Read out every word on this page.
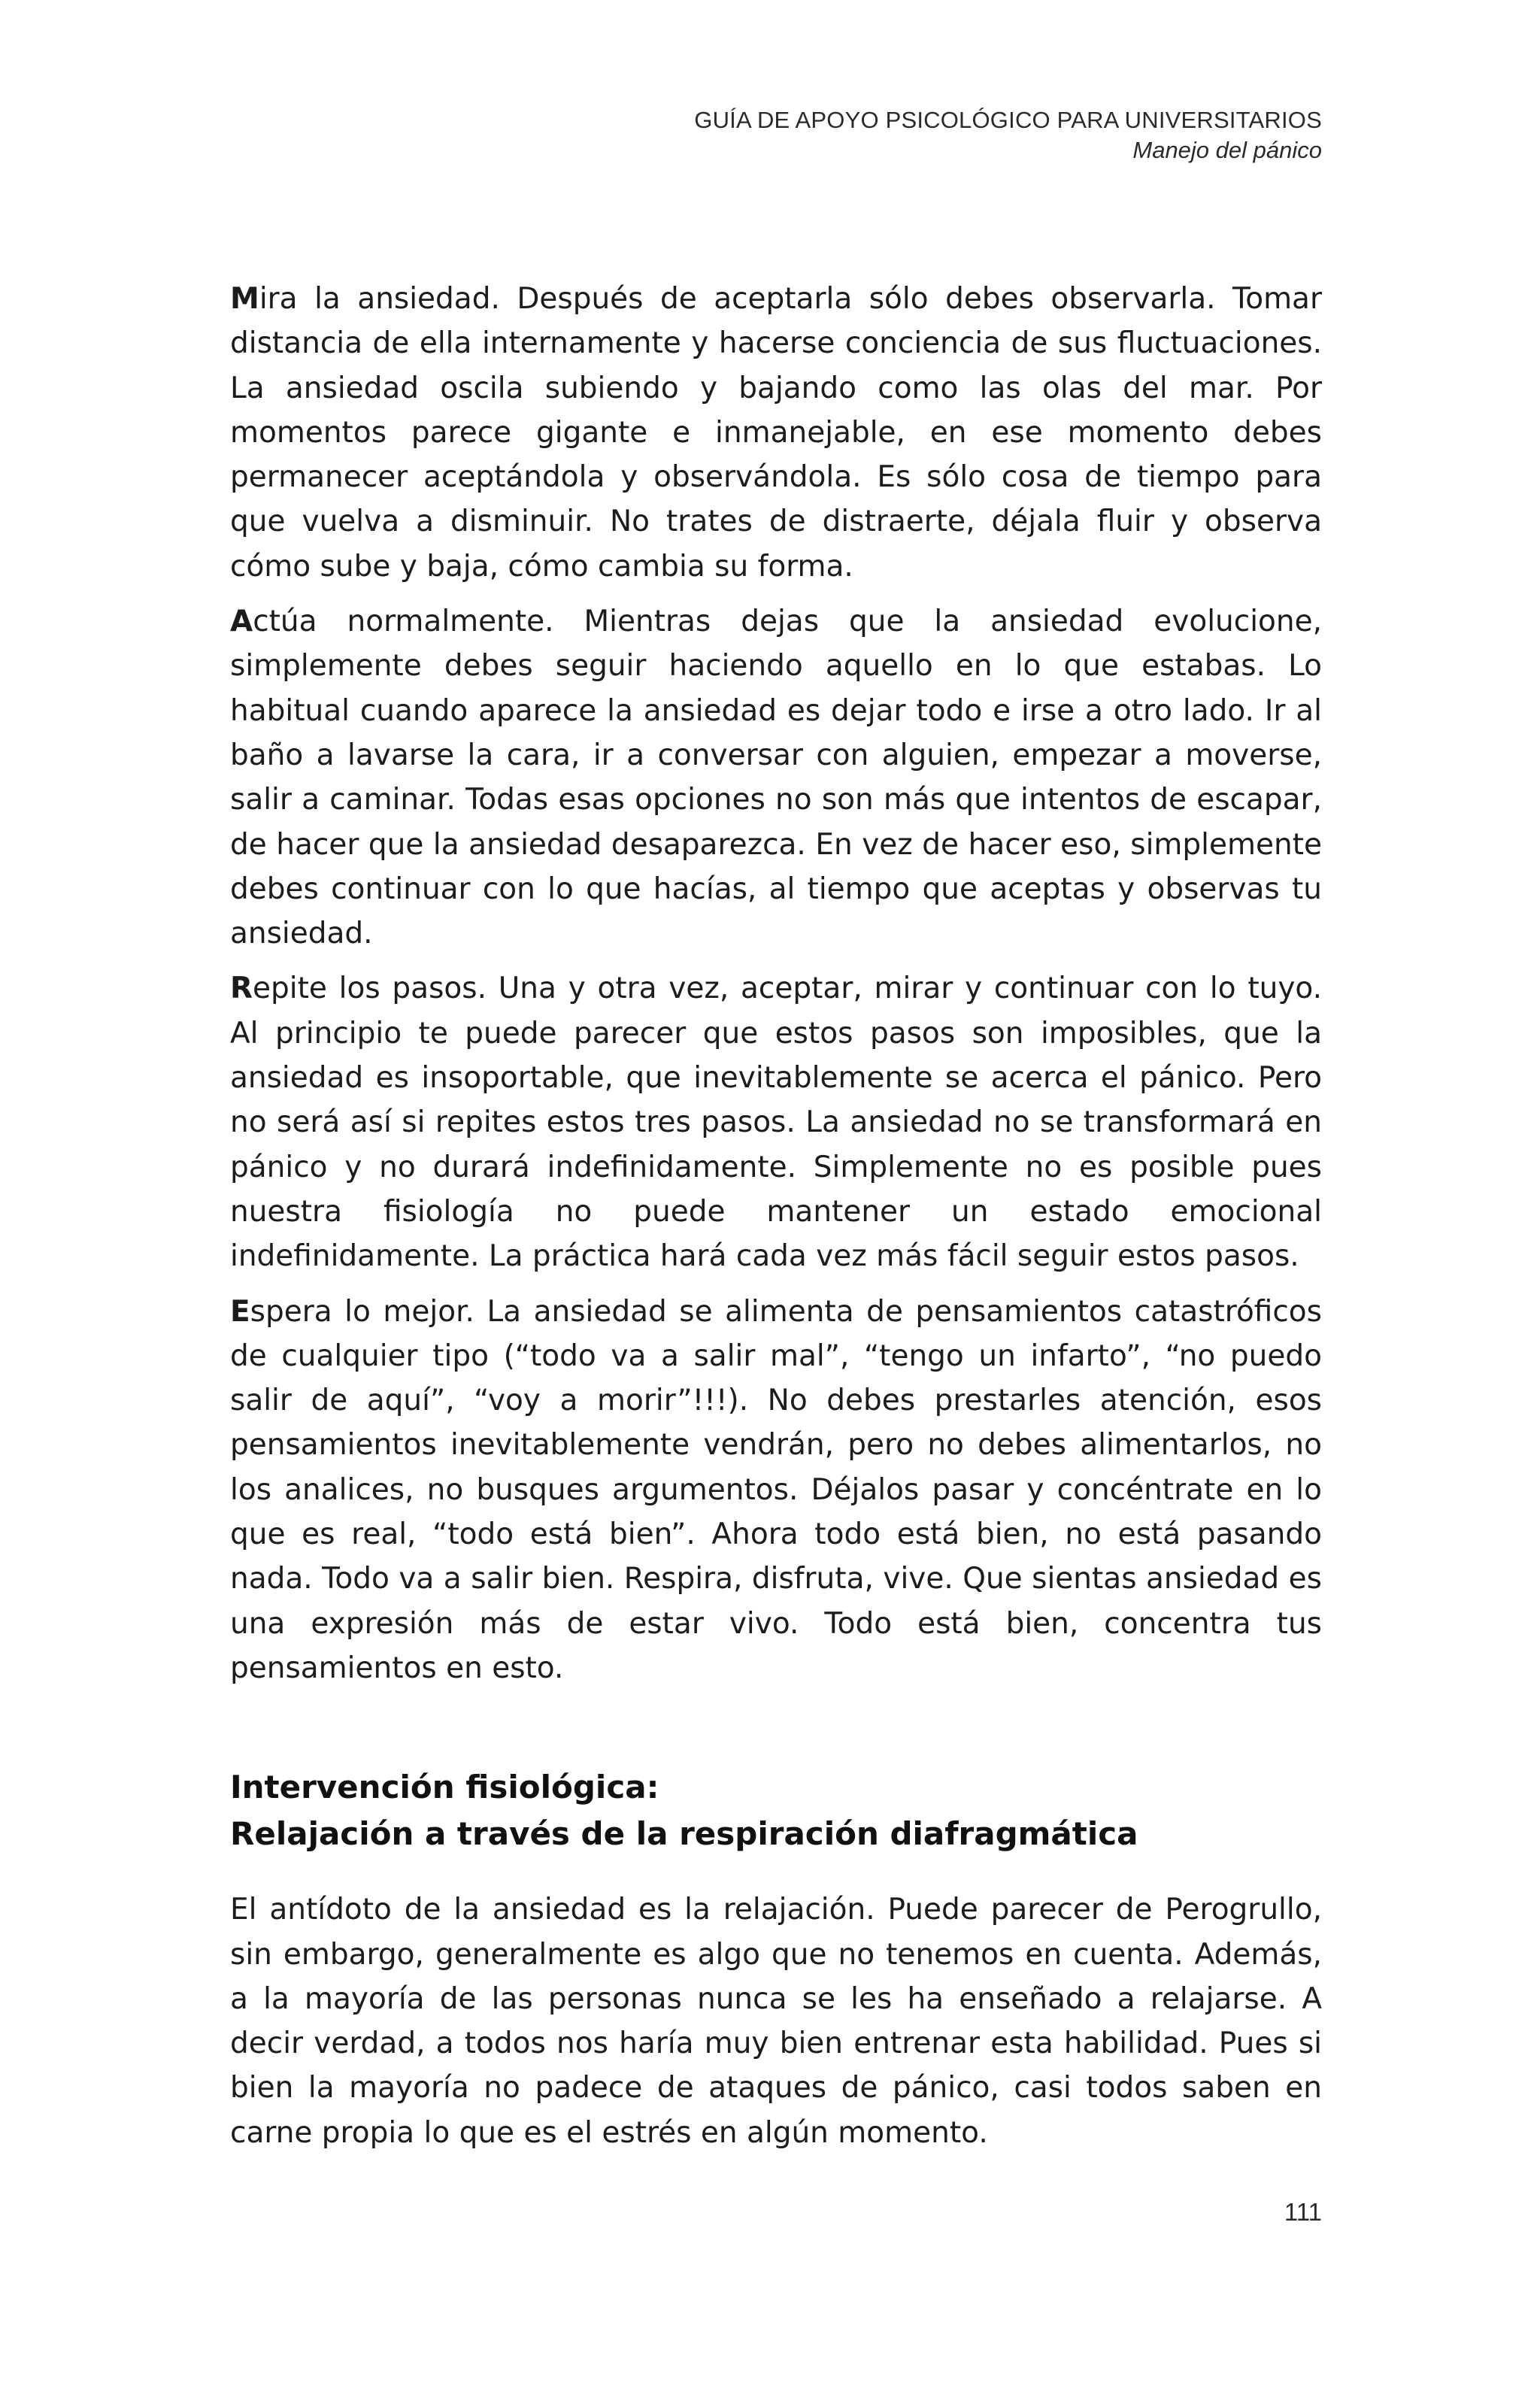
GUÍA DE APOYO PSICOLÓGICO PARA UNIVERSITARIOS
Manejo del pánico

Mira la ansiedad. Después de aceptarla sólo debes observarla. Tomar distancia de ella internamente y hacerse conciencia de sus fluctuaciones. La ansiedad oscila subiendo y bajando como las olas del mar. Por momentos parece gigante e inmanejable, en ese momento debes permanecer aceptándola y observándola. Es sólo cosa de tiempo para que vuelva a disminuir. No trates de distraerte, déjala fluir y observa cómo sube y baja, cómo cambia su forma.

Actúa normalmente. Mientras dejas que la ansiedad evolucione, simplemente debes seguir haciendo aquello en lo que estabas. Lo habitual cuando aparece la ansiedad es dejar todo e irse a otro lado. Ir al baño a lavarse la cara, ir a conversar con alguien, empezar a moverse, salir a caminar. Todas esas opciones no son más que intentos de escapar, de hacer que la ansiedad desaparezca. En vez de hacer eso, simplemente debes continuar con lo que hacías, al tiempo que aceptas y observas tu ansiedad.

Repite los pasos. Una y otra vez, aceptar, mirar y continuar con lo tuyo. Al principio te puede parecer que estos pasos son imposibles, que la ansiedad es insoportable, que inevitablemente se acerca el pánico. Pero no será así si repites estos tres pasos. La ansiedad no se transformará en pánico y no durará indefinidamente. Simplemente no es posible pues nuestra fisiología no puede mantener un estado emocional indefinidamente. La práctica hará cada vez más fácil seguir estos pasos.

Espera lo mejor. La ansiedad se alimenta de pensamientos catastróficos de cualquier tipo (“todo va a salir mal”, “tengo un infarto”, “no puedo salir de aquí”, “voy a morir”!!!). No debes prestarles atención, esos pensamientos inevitablemente vendrán, pero no debes alimentarlos, no los analices, no busques argumentos. Déjalos pasar y concéntrate en lo que es real, “todo está bien”. Ahora todo está bien, no está pasando nada. Todo va a salir bien. Respira, disfruta, vive. Que sientas ansiedad es una expresión más de estar vivo. Todo está bien, concentra tus pensamientos en esto.

Intervención fisiológica:
Relajación a través de la respiración diafragmática

El antídoto de la ansiedad es la relajación. Puede parecer de Perogrullo, sin embargo, generalmente es algo que no tenemos en cuenta. Además, a la mayoría de las personas nunca se les ha enseñado a relajarse. A decir verdad, a todos nos haría muy bien entrenar esta habilidad. Pues si bien la mayoría no padece de ataques de pánico, casi todos saben en carne propia lo que es el estrés en algún momento.

111
